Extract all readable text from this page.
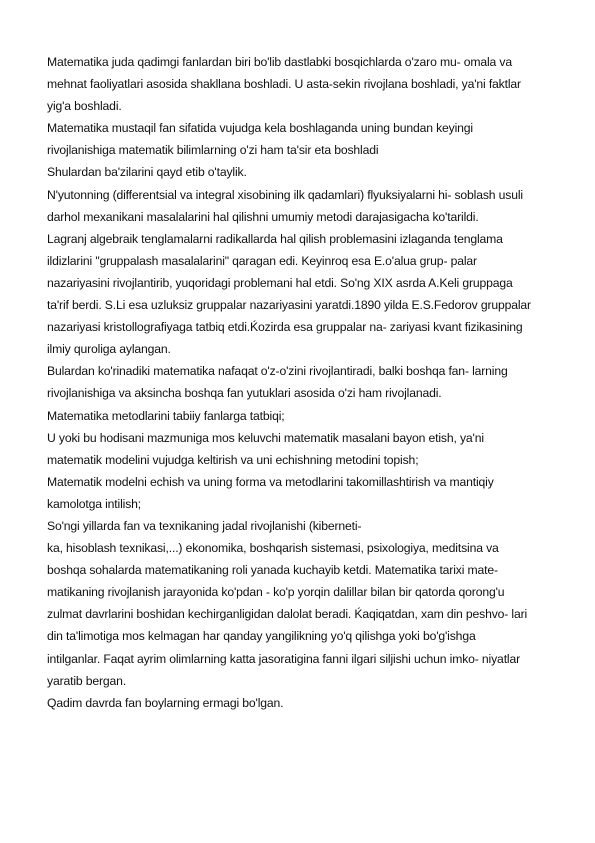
Matematika juda qadimgi fanlardan biri bo'lib dastlabki bosqichlarda o'zaro mu- omala va
mehnat faoliyatlari asosida shakllana boshladi. U asta-sekin rivojlana boshladi, ya'ni faktlar
yig'a boshladi.
Matematika mustaqil fan sifatida vujudga kela boshlaganda uning bundan keyingi
rivojlanishiga matematik bilimlarning o'zi ham ta'sir eta boshladi
Shulardan ba'zilarini qayd etib o'taylik.
N'yutonning (differentsial va integral xisobining ilk qadamlari) flyuksiyalarni hi- soblash usuli
darhol mexanikani masalalarini hal qilishni umumiy metodi darajasigacha ko'tarildi.
Lagranj algebraik tenglamalarni radikallarda hal qilish problemasini izlaganda tenglama
ildizlarini "gruppalash masalalarini" qaragan edi. Keyinroq esa E.o'alua grup- palar
nazariyasini rivojlantirib, yuqoridagi problemani hal etdi. So'ng XIX asrda A.Keli gruppaga
ta'rif berdi. S.Li esa uzluksiz gruppalar nazariyasini yaratdi.1890 yilda E.S.Fedorov gruppalar
nazariyasi kristollografiyaga tatbiq etdi.Ḱozirda esa gruppalar na- zariyasi kvant fizikasining
ilmiy quroliga aylangan.
Bulardan ko'rinadiki matematika nafaqat o'z-o'zini rivojlantiradi, balki boshqa fan- larning
rivojlanishiga va aksincha boshqa fan yutuklari asosida o'zi ham rivojlanadi.
Matematika metodlarini tabiiy fanlarga tatbiqi;
U yoki bu hodisani mazmuniga mos keluvchi matematik masalani bayon etish, ya'ni
matematik modelini vujudga keltirish va uni echishning metodini topish;
Matematik modelni echish va uning forma va metodlarini takomillashtirish va mantiqiy
kamolotga intilish;
So'ngi yillarda fan va texnikaning jadal rivojlanishi (kiberneti-
ka, hisoblash texnikasi,...) ekonomika, boshqarish sistemasi, psixologiya, meditsina va
boshqa sohalarda matematikaning roli yanada kuchayib ketdi. Matematika tarixi mate-
matikaning rivojlanish jarayonida ko'pdan - ko'p yorqin dalillar bilan bir qatorda qorong'u
zulmat davrlarini boshidan kechirganligidan dalolat beradi. Ḱaqiqatdan, xam din peshvo- lari
din ta'limotiga mos kelmagan har qanday yangilikning yo'q qilishga yoki bo'g'ishga
intilganlar. Faqat ayrim olimlarning katta jasoratigina fanni ilgari siljishi uchun imko- niyatlar
yaratib bergan.
Qadim davrda fan boylarning ermagi bo'lgan.
